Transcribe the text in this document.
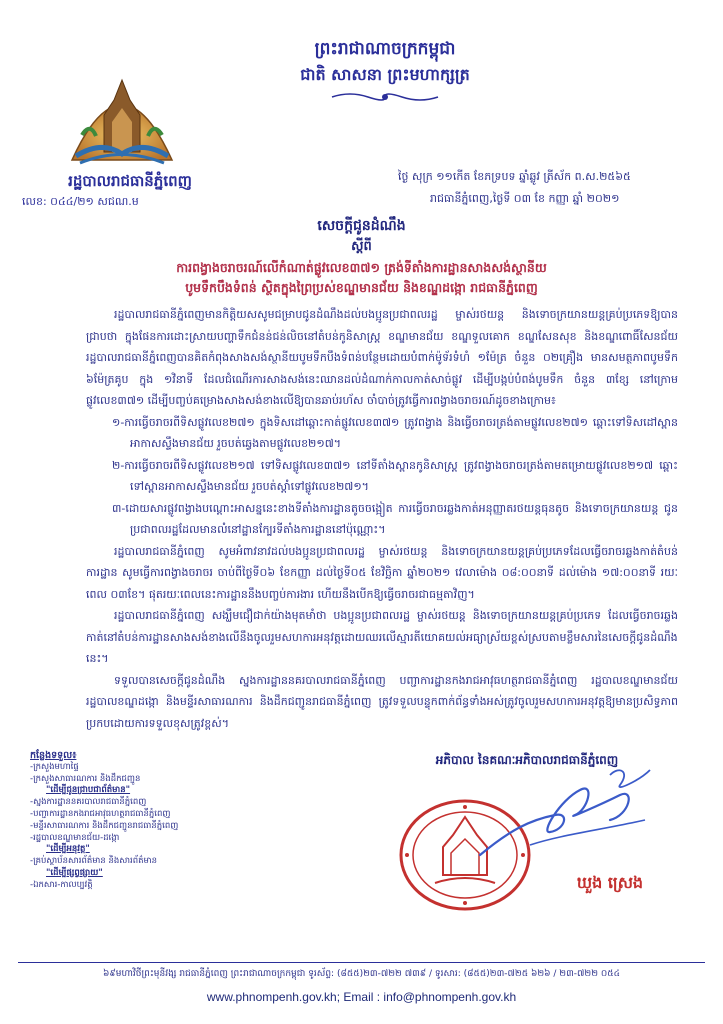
ព្រះរាជាណាចក្រកម្ពុជា
ជាតិ សាសនា ព្រះមហាក្សត្រ
រដ្ឋបាលរាជធានីភ្នំពេញ
លេខ: ០៤៤/២១ សជណ.ម
ថ្ងៃ សុក្រ ១១កើត ខែភទ្របទ ឆ្នាំឆ្លូវ ត្រីស័ក ព.ស.២៥៦៥
រាជធានីភ្នំពេញ,ថ្ងៃទី ០៣ ខែ កញ្ញា ឆ្នាំ ២០២១
សេចក្តីជូនដំណឹង
ស្តីពី
ការពង្វាងចរាចរណ៍លើកំណាត់ផ្លូវលេខ៣៧១ ត្រង់ទីតាំងការដ្ឋានសាងសង់ស្ថានីយ
បូមទឹកបឹងទំពន់ ស្ថិតក្នុងព្រៃប្រស់ខណ្ឌមានជ័យ និងខណ្ឌដង្កោ រាជធានីភ្នំពេញ

រដ្ឋបាលរាជធានីភ្នំពេញមានកិត្តិយសសូមជម្រាបជូនដំណឹងដល់បងប្អូនប្រជាពលរដ្ឋ ម្ចាស់រថយន្ត និងទោចក្រយានយន្តគ្រប់ប្រភេទឱ្យបានជ្រាបថា ក្នុងផែនការដោះស្រាយបញ្ហាទឹកជំនន់ជន់លិចនៅតំបន់កូនិសាស្រ្ត ខណ្ឌមានជ័យ ខណ្ឌទួលគោក ខណ្ឌសែនសុខ និងខណ្ឌពោធិ៍សែនជ័យ រដ្ឋបាលរាជធានីភ្នំពេញបានគិតកំពុងសាងសង់ស្ថានីយបូមទឹកបឹងទំពន់បន្ថែមដោយបំពាក់ម៉ូទ័រទំហំ ១ម៉ែត្រ ចំនួន ០២គ្រឿង មានសមត្ថភាពបូមទឹក ៦ម៉ែត្រគូប ក្នុង ១វិនាទី ដែលជំណើរការសាងសង់នេះឈានដល់ដំណាក់កាលកាត់សាច់ផ្លូវ ដើម្បីបង្កប់បំពង់បូមទឹក ចំនួន ៣ខ្សែ នៅក្រោមផ្លូវលេខ៣៧១ ដើម្បីបញ្ចប់គម្រោងសាងសង់ខាងលើឱ្យបានឆាប់រហ័ស ចាំបាច់ត្រូវធ្វើការពង្វាងចរាចរណ៍ដូចខាងក្រោម៖

១-ការធ្វើចរាចរពីទិសផ្លូវលេខ២៧១ ក្នុងទិសដៅឆ្ពោះកាត់ផ្លូវលេខ៣៧១ ត្រូវពង្វាង និងធ្វើចរាចរត្រង់តាមផ្លូវលេខ២៧១ ឆ្ពោះទៅទិសដៅស្ពានអាកាសស្ទឹងមានជ័យ រួចបត់ឆ្វេងតាមផ្លូវលេខ២១៧។

២-ការធ្វើចរាចរពីទិសផ្លូវលេខ២១៧ ទៅទិសផ្លូវលេខ៣៧១ នៅទីតាំងស្ពានកូនិសាស្រ្ត ត្រូវពង្វាងចរាចរត្រង់តាមតម្រោយផ្លូវលេខ២១៧ ឆ្ពោះទៅស្ពានអាកាសស្ទឹងមានជ័យ រួចបត់ស្តាំទៅផ្លូវលេខ២៧១។

៣-ដោយសារផ្លូវពង្វាងបណ្តោះអាសន្ននេះខាងទីតាំងការដ្ឋានតូចចង្អៀត ការធ្វើចរាចរឆ្លងកាត់អនុញ្ញាតរថយន្តធុនតូច និងទោចក្រយានយន្ត ជូនប្រជាពលរដ្ឋដែលមានលំនៅដ្ឋានក្បែរទីតាំងការដ្ឋាននៅប៉ុណ្ណោះ។

រដ្ឋបាលរាជធានីភ្នំពេញ សូមអំពាវនាវដល់បងប្អូនប្រជាពលរដ្ឋ ម្ចាស់រថយន្ត និងទោចក្រយានយន្តគ្រប់ប្រភេទដែលធ្វើចរាចរឆ្លងកាត់តំបន់ការដ្ឋាន សូមធ្វើការពង្វាងចរាចរ ចាប់ពីថ្ងៃទី០៦ ខែកញ្ញា ដល់ថ្ងៃទី០៥ ខែវិច្ឆិកា ឆ្នាំ២០២១ វេលាម៉ោង ០៨:០០នាទី ដល់ម៉ោង ១៧:០០នាទី រយៈពេល ០៣ខែ។ ផុតរយៈពេលនេះការដ្ឋាននឹងបញ្ចប់ការងារ ហើយនឹងបើកឱ្យធ្វើចរាចរជាធម្មតាវិញ។

រដ្ឋបាលរាជធានីភ្នំពេញ សង្ឃឹមជឿជាក់យ៉ាងមុតមាំថា បងប្អូនប្រជាពលរដ្ឋ ម្ចាស់រថយន្ត និងទោចក្រយានយន្តគ្រប់ប្រភេទ ដែលធ្វើចរាចរឆ្លងកាត់នៅតំបន់ការដ្ឋានសាងសង់ខាងលើនឹងចូលរួមសហការអនុវត្តដោយឈរលើស្មារតីយោគយល់អធ្យាស្រ័យខ្ពស់ស្របតាមខ្លឹមសារនៃសេចក្តីជូនដំណឹងនេះ។

ទទួលបានសេចក្តីជូនដំណឹង ស្នងការដ្ឋាននគរបាលរាជធានីភ្នំពេញ បញ្ជាការដ្ឋានកងរាជអាវុធហត្ថរាជធានីភ្នំពេញ រដ្ឋបាលខណ្ឌមានជ័យ រដ្ឋបាលខណ្ឌដង្កោ និងមន្ទីរសាធារណការ និងដឹកជញ្ជូនរាជធានីភ្នំពេញ ត្រូវទទួលបន្ទុកពាក់ព័ន្ធទាំងអស់ត្រូវចូលរួមសហការអនុវត្តឱ្យមានប្រសិទ្ធភាព ប្រកបដោយការទទួលខុសត្រូវខ្ពស់។

កន្លែងទទួល៖
-ក្រសួងមហាផ្ទៃ
-ក្រសួងសាធារណការ និងដឹកជញ្ជូន
"ដើម្បីជូនជ្រាបជាព័ត៌មាន"
-ស្នងការដ្ឋាននគរបាលរាជធានីភ្នំពេញ
-បញ្ជាការដ្ឋានកងរាជអាវុធហត្ថរាជធានីភ្នំពេញ
-មន្ទីរសាធារណការ និងដឹកជញ្ជូនរាជធានីភ្នំពេញ
-រដ្ឋបាលខណ្ឌមានជ័យ-ដង្កោ
"ដើម្បីអនុវត្ត"
-គ្រប់ស្ថាប័នសារព័ត៌មាន និងសារព័ត៌មាន
"ដើម្បីផ្សព្វផ្សាយ"
-ឯកសារ-កាលប្បវត្តិ
អភិបាល នៃគណៈអភិបាលរាជធានីភ្នំពេញ
ឃួង ស្រេង
៦៩មហាវិថីព្រះមុនីវង្ស រាជធានីភ្នំពេញ ព្រះរាជាណាចក្រកម្ពុជា ទូរស័ព្ទ: (៨៥៥)២៣-៧២២ ៧៣៩ / ទូរសារ: (៨៥៥)២៣-៧២៥ ៦២៦ / ២៣-៧២២ ០៥៤
www.phnompenh.gov.kh; Email : info@phnompenh.gov.kh
